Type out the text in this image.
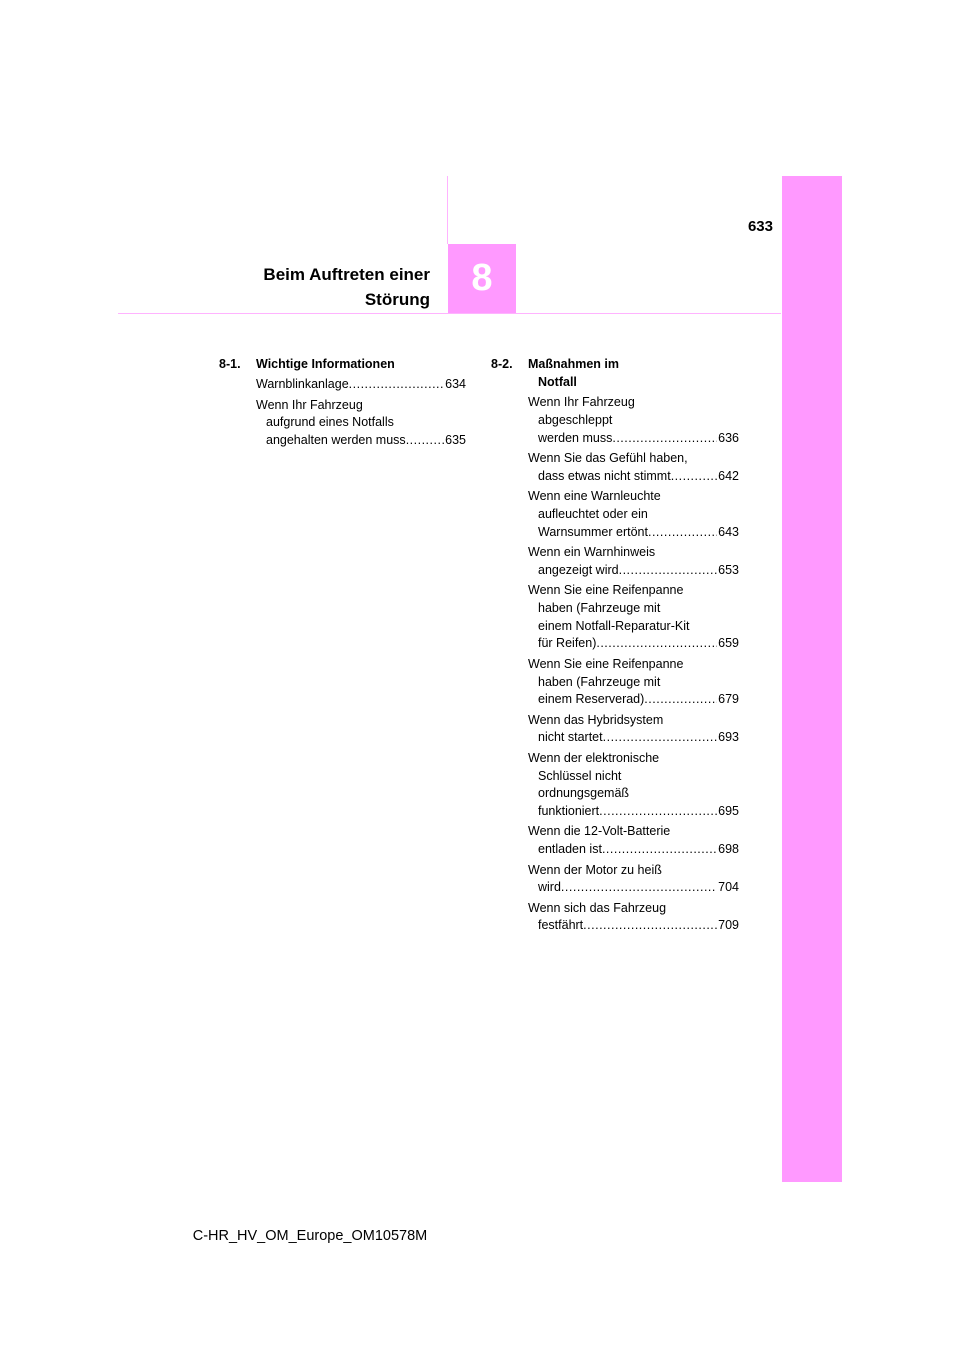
8
633
Beim Auftreten einer
Störung
8-1. Wichtige Informationen
Warnblinkanlage .....	634
Wenn Ihr Fahrzeug
aufgrund eines Notfalls
angehalten werden muss .....	635
8-2. Maßnahmen im
Notfall
Wenn Ihr Fahrzeug
abgeschleppt
werden muss .....	636
Wenn Sie das Gefühl haben,
dass etwas nicht stimmt .....	642
Wenn eine Warnleuchte
aufleuchtet oder ein
Warnsummer ertönt .....	643
Wenn ein Warnhinweis
angezeigt wird .....	653
Wenn Sie eine Reifenpanne
haben (Fahrzeuge mit
einem Notfall-Reparatur-Kit
für Reifen) .....	659
Wenn Sie eine Reifenpanne
haben (Fahrzeuge mit
einem Reserverad) .....	679
Wenn das Hybridsystem
nicht startet .....	693
Wenn der elektronische
Schlüssel nicht
ordnungsgemäß
funktioniert .....	695
Wenn die 12-Volt-Batterie
entladen ist .....	698
Wenn der Motor zu heiß
wird .....	704
Wenn sich das Fahrzeug
festfährt .....	709
C-HR_HV_OM_Europe_OM10578M
